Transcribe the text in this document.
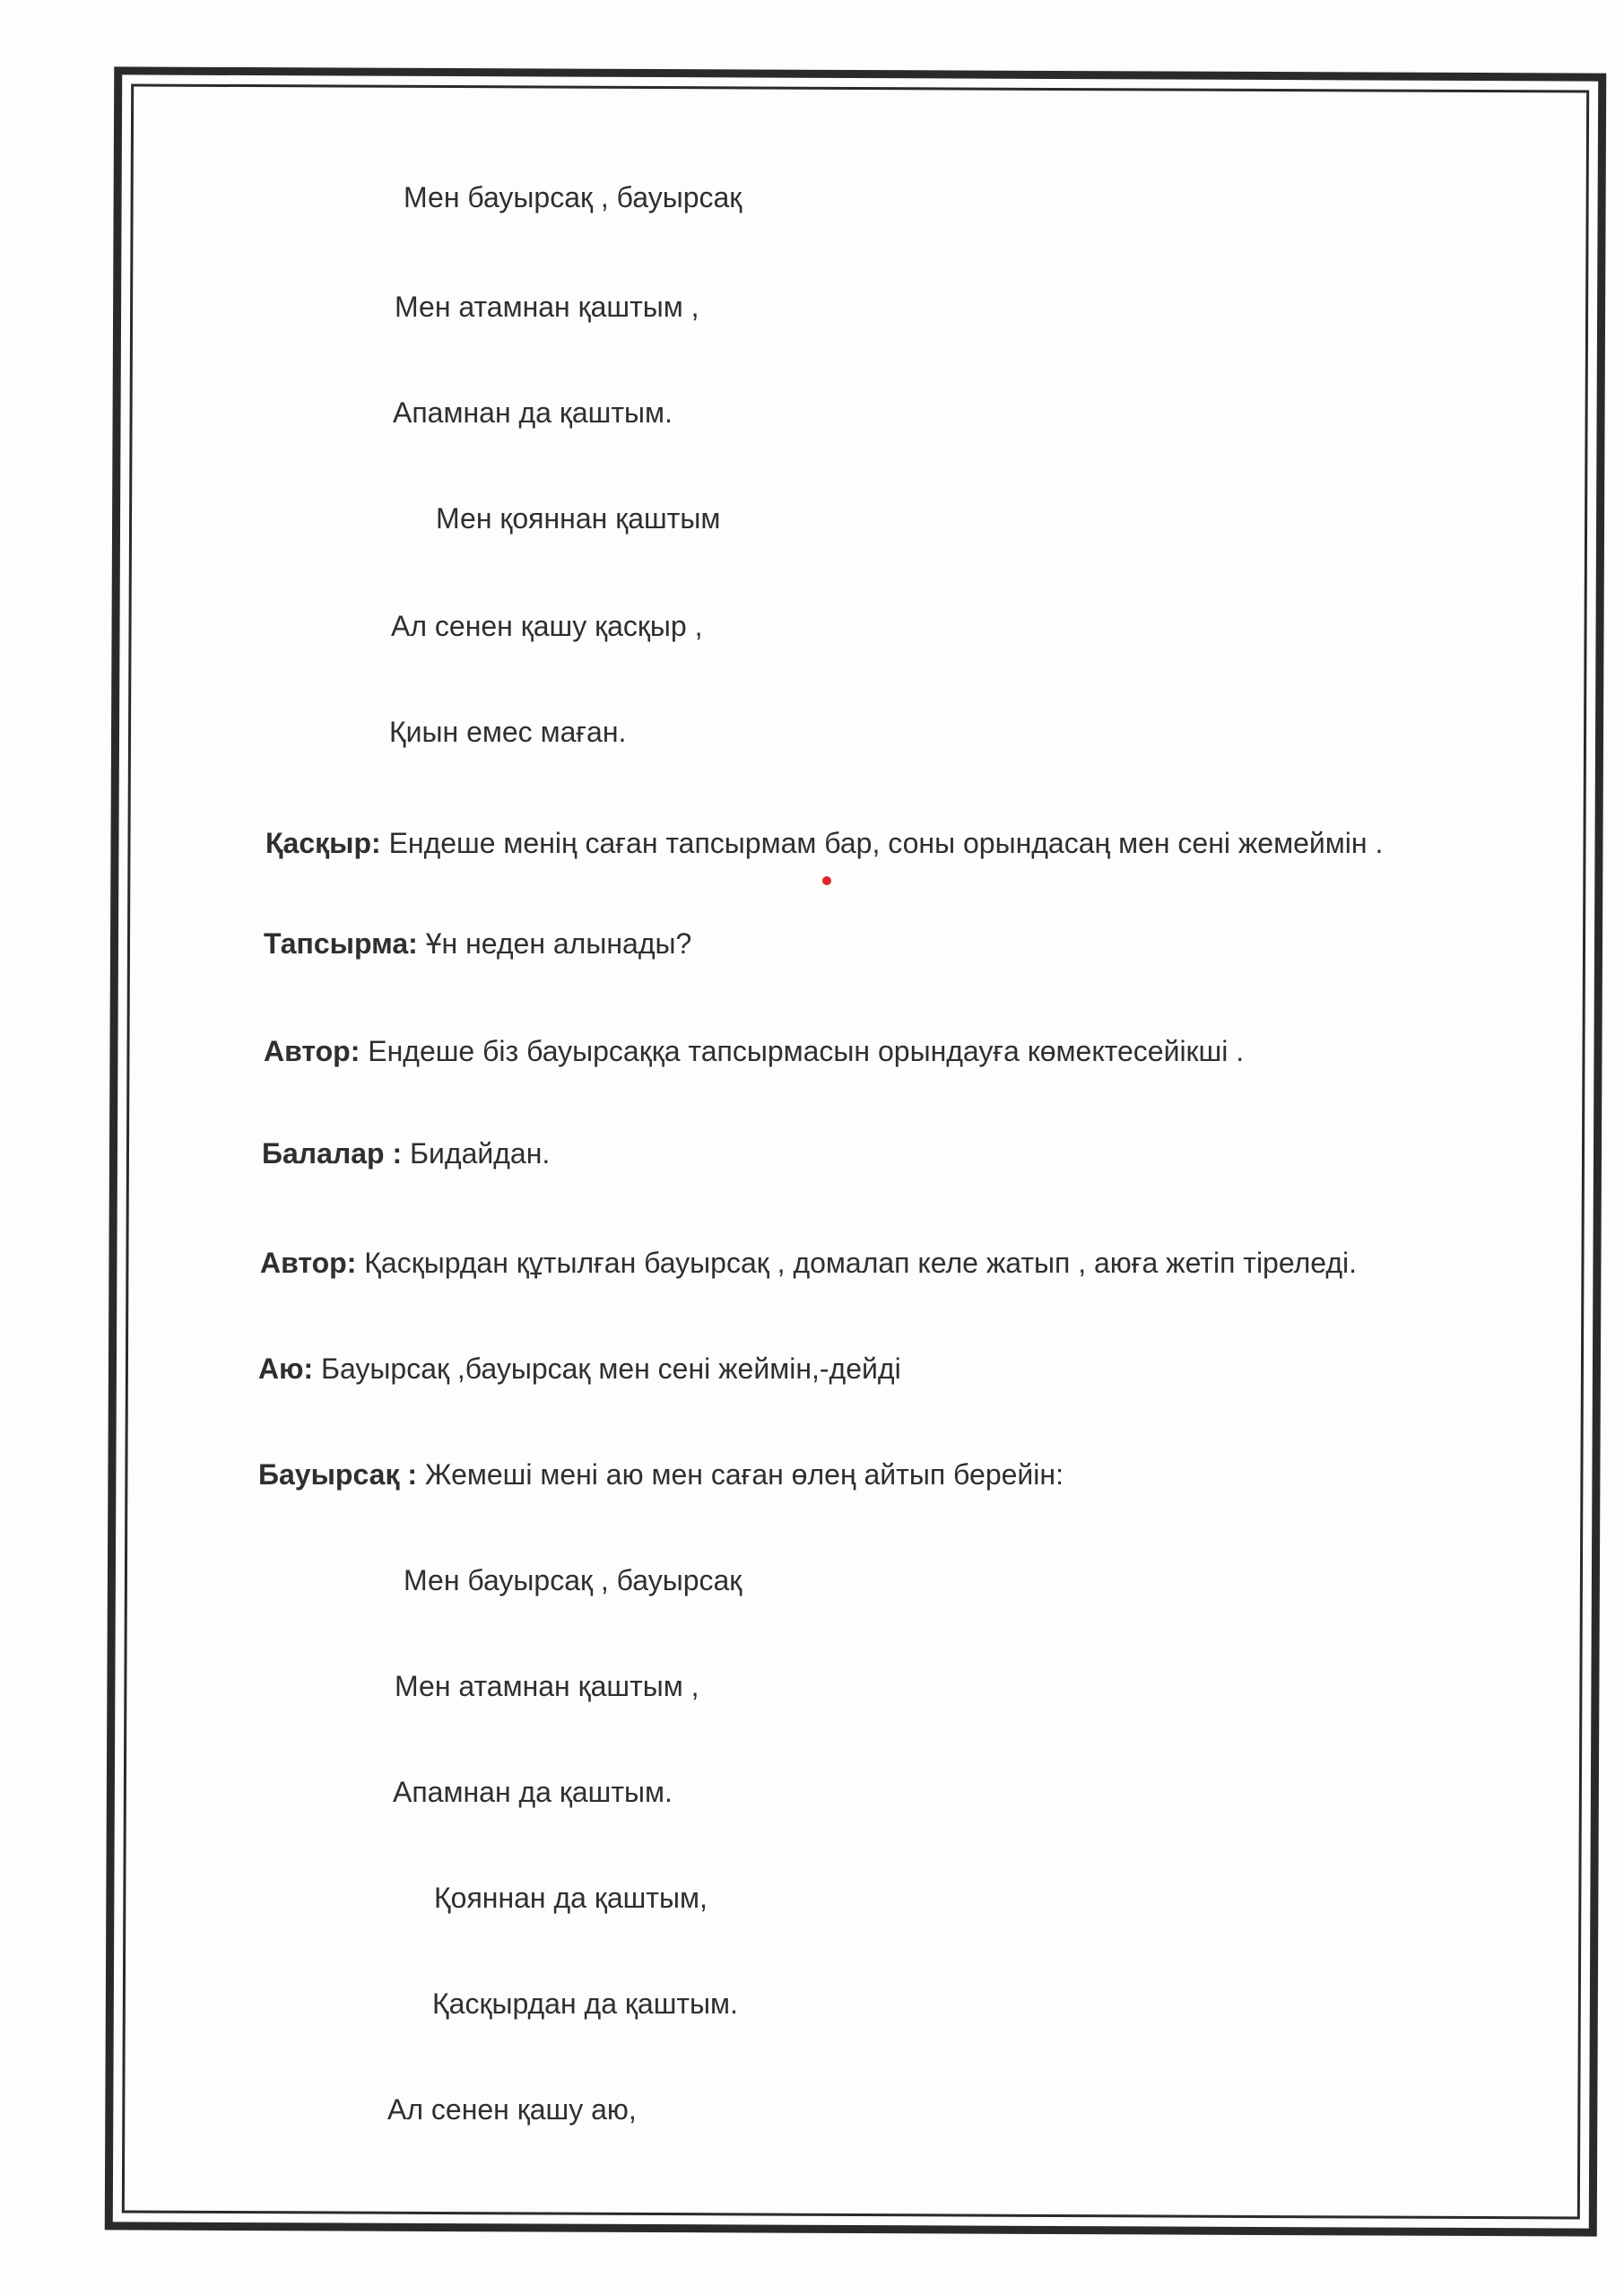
Мен бауырсақ , бауырсақ
Мен атамнан қаштым ,
Апамнан да қаштым.
Мен қояннан қаштым
Ал сенен қашу қасқыр ,
Қиын емес маған.
Қасқыр: Ендеше менің саған тапсырмам бар, соны орындасаң мен сені жемеймін .
Тапсырма: Ұн неден алынады?
Автор: Ендеше біз бауырсаққа тапсырмасын орындауға көмектесейікші .
Балалар : Бидайдан.
Автор: Қасқырдан құтылған бауырсақ , домалап келе жатып , аюға жетіп тіреледі.
Аю: Бауырсақ ,бауырсақ мен сені жеймін,-дейді
Бауырсақ : Жемеші мені аю мен саған өлең айтып берейін:
Мен бауырсақ , бауырсақ
Мен атамнан қаштым ,
Апамнан да қаштым.
Қояннан да қаштым,
Қасқырдан да қаштым.
Ал сенен қашу аю,
